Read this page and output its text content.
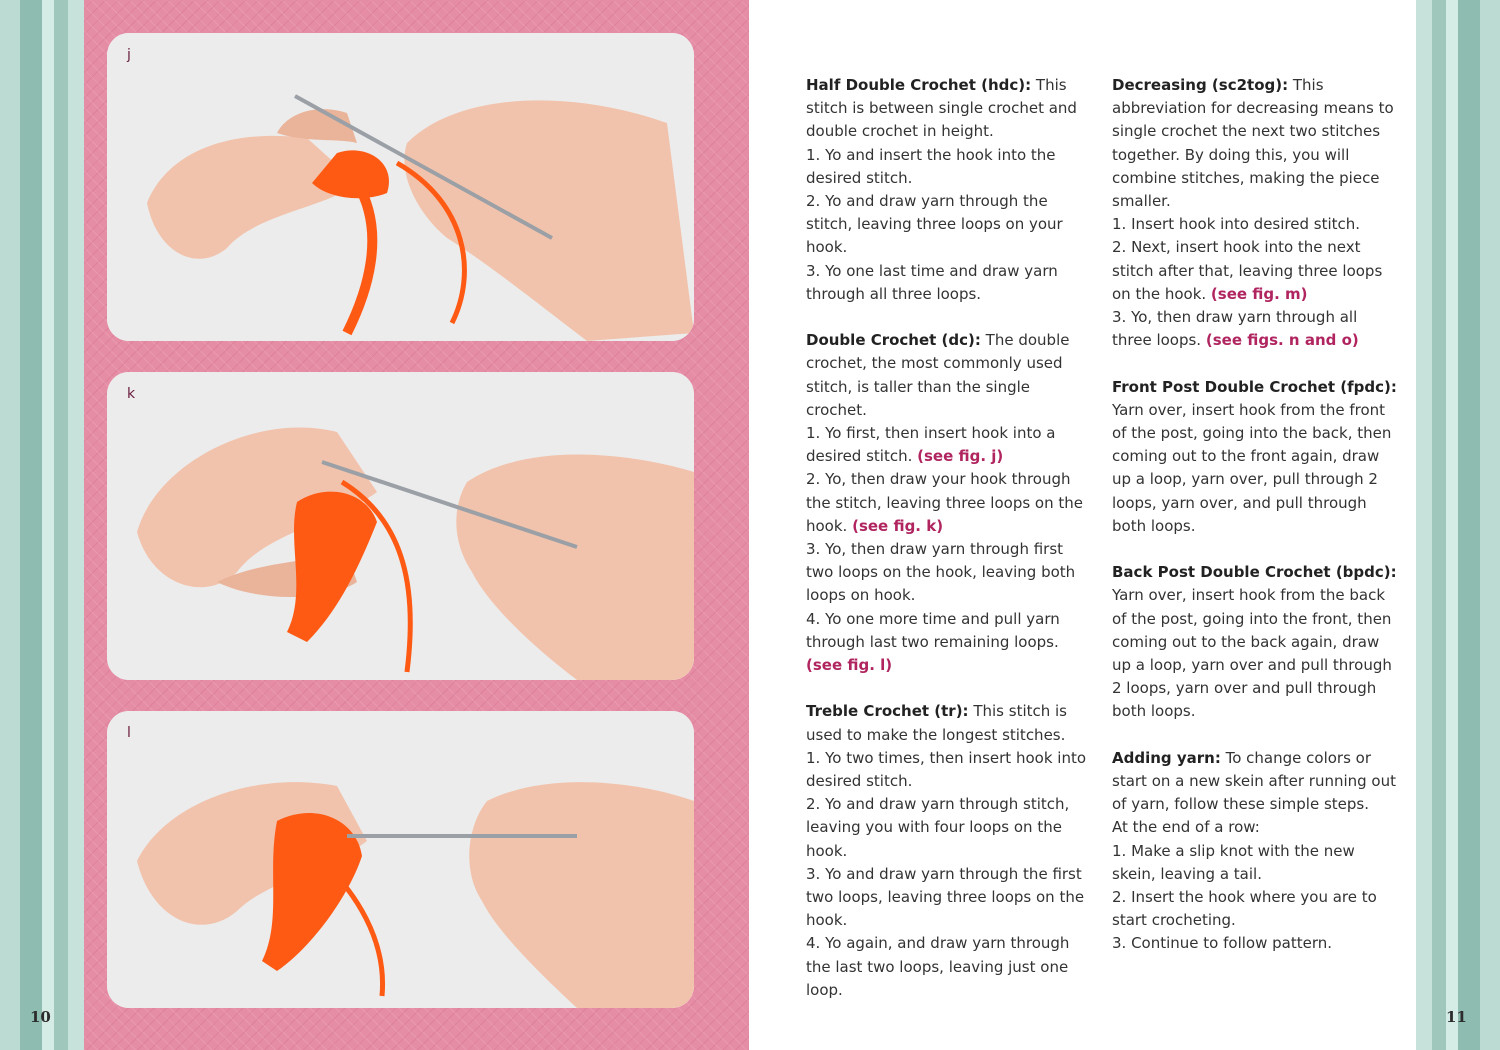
j
k
l
10	11

Half Double Crochet (hdc): This stitch is between single crochet and double crochet in height.
1. Yo and insert the hook into the desired stitch.
2. Yo and draw yarn through the stitch, leaving three loops on your hook.
3. Yo one last time and draw yarn through all three loops.

Double Crochet (dc): The double crochet, the most commonly used stitch, is taller than the single crochet.
1. Yo first, then insert hook into a desired stitch. (see fig. j)
2. Yo, then draw your hook through the stitch, leaving three loops on the hook. (see fig. k)
3. Yo, then draw yarn through first two loops on the hook, leaving both loops on hook.
4. Yo one more time and pull yarn through last two remaining loops.
(see fig. l)

Treble Crochet (tr): This stitch is used to make the longest stitches.
1. Yo two times, then insert hook into desired stitch.
2. Yo and draw yarn through stitch, leaving you with four loops on the hook.
3. Yo and draw yarn through the first two loops, leaving three loops on the hook.
4. Yo again, and draw yarn through the last two loops, leaving just one loop.

Decreasing (sc2tog): This abbreviation for decreasing means to single crochet the next two stitches together. By doing this, you will combine stitches, making the piece smaller.
1. Insert hook into desired stitch.
2. Next, insert hook into the next stitch after that, leaving three loops on the hook. (see fig. m)
3. Yo, then draw yarn through all three loops. (see figs. n and o)

Front Post Double Crochet (fpdc):
Yarn over, insert hook from the front of the post, going into the back, then coming out to the front again, draw up a loop, yarn over, pull through 2 loops, yarn over, and pull through both loops.

Back Post Double Crochet (bpdc):
Yarn over, insert hook from the back of the post, going into the front, then coming out to the back again, draw up a loop, yarn over and pull through 2 loops, yarn over and pull through both loops.

Adding yarn: To change colors or start on a new skein after running out of yarn, follow these simple steps.
At the end of a row:
1. Make a slip knot with the new skein, leaving a tail.
2. Insert the hook where you are to start crocheting.
3. Continue to follow pattern.
